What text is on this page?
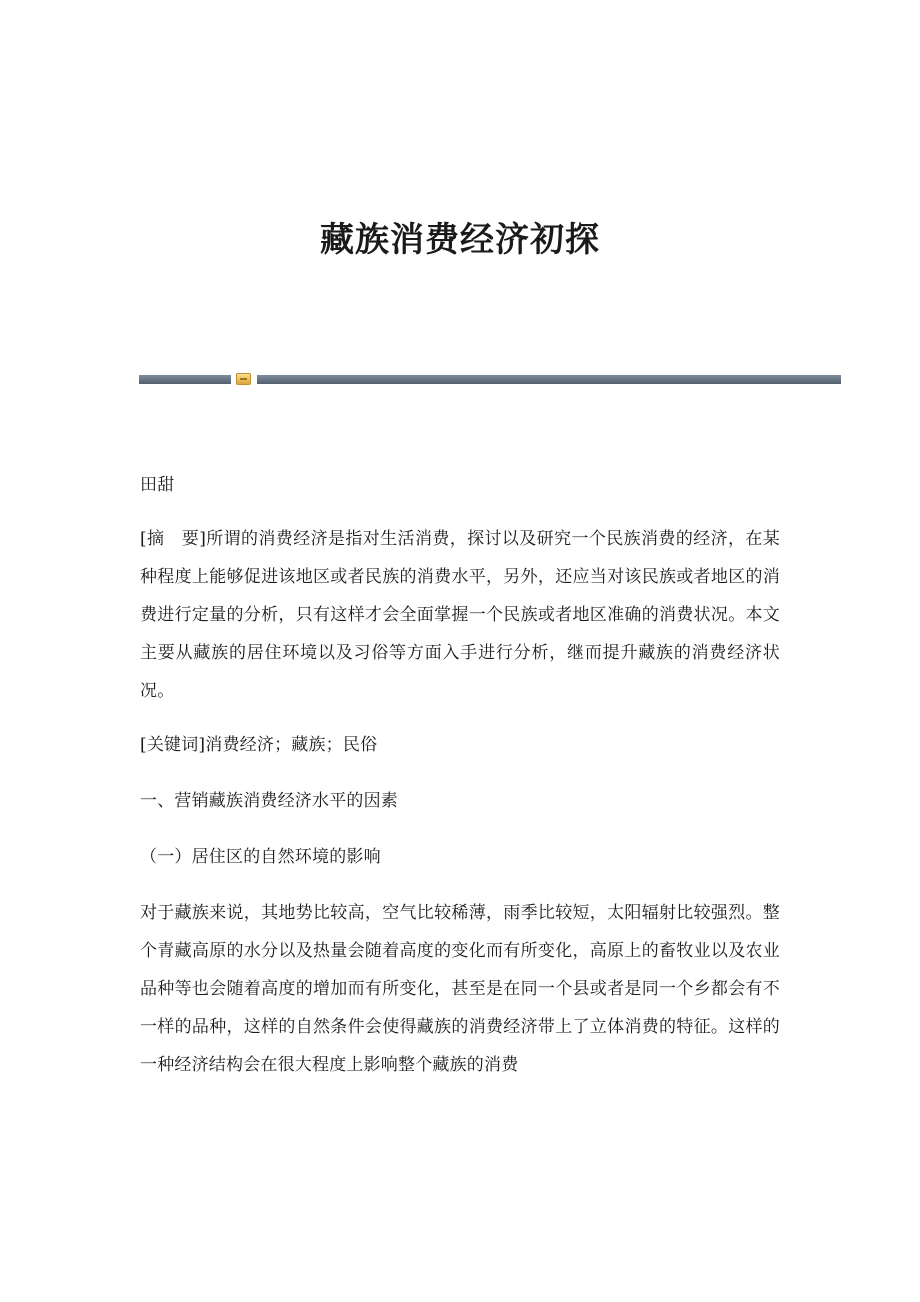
藏族消费经济初探

田甜

[摘　要]所谓的消费经济是指对生活消费，探讨以及研究一个民族消费的经济，在某种程度上能够促进该地区或者民族的消费水平，另外，还应当对该民族或者地区的消费进行定量的分析，只有这样才会全面掌握一个民族或者地区准确的消费状况。本文主要从藏族的居住环境以及习俗等方面入手进行分析，继而提升藏族的消费经济状况。

[关键词]消费经济；藏族；民俗

一、营销藏族消费经济水平的因素

（一）居住区的自然环境的影响

对于藏族来说，其地势比较高，空气比较稀薄，雨季比较短，太阳辐射比较强烈。整个青藏高原的水分以及热量会随着高度的变化而有所变化，高原上的畜牧业以及农业品种等也会随着高度的增加而有所变化，甚至是在同一个县或者是同一个乡都会有不一样的品种，这样的自然条件会使得藏族的消费经济带上了立体消费的特征。这样的一种经济结构会在很大程度上影响整个藏族的消费
